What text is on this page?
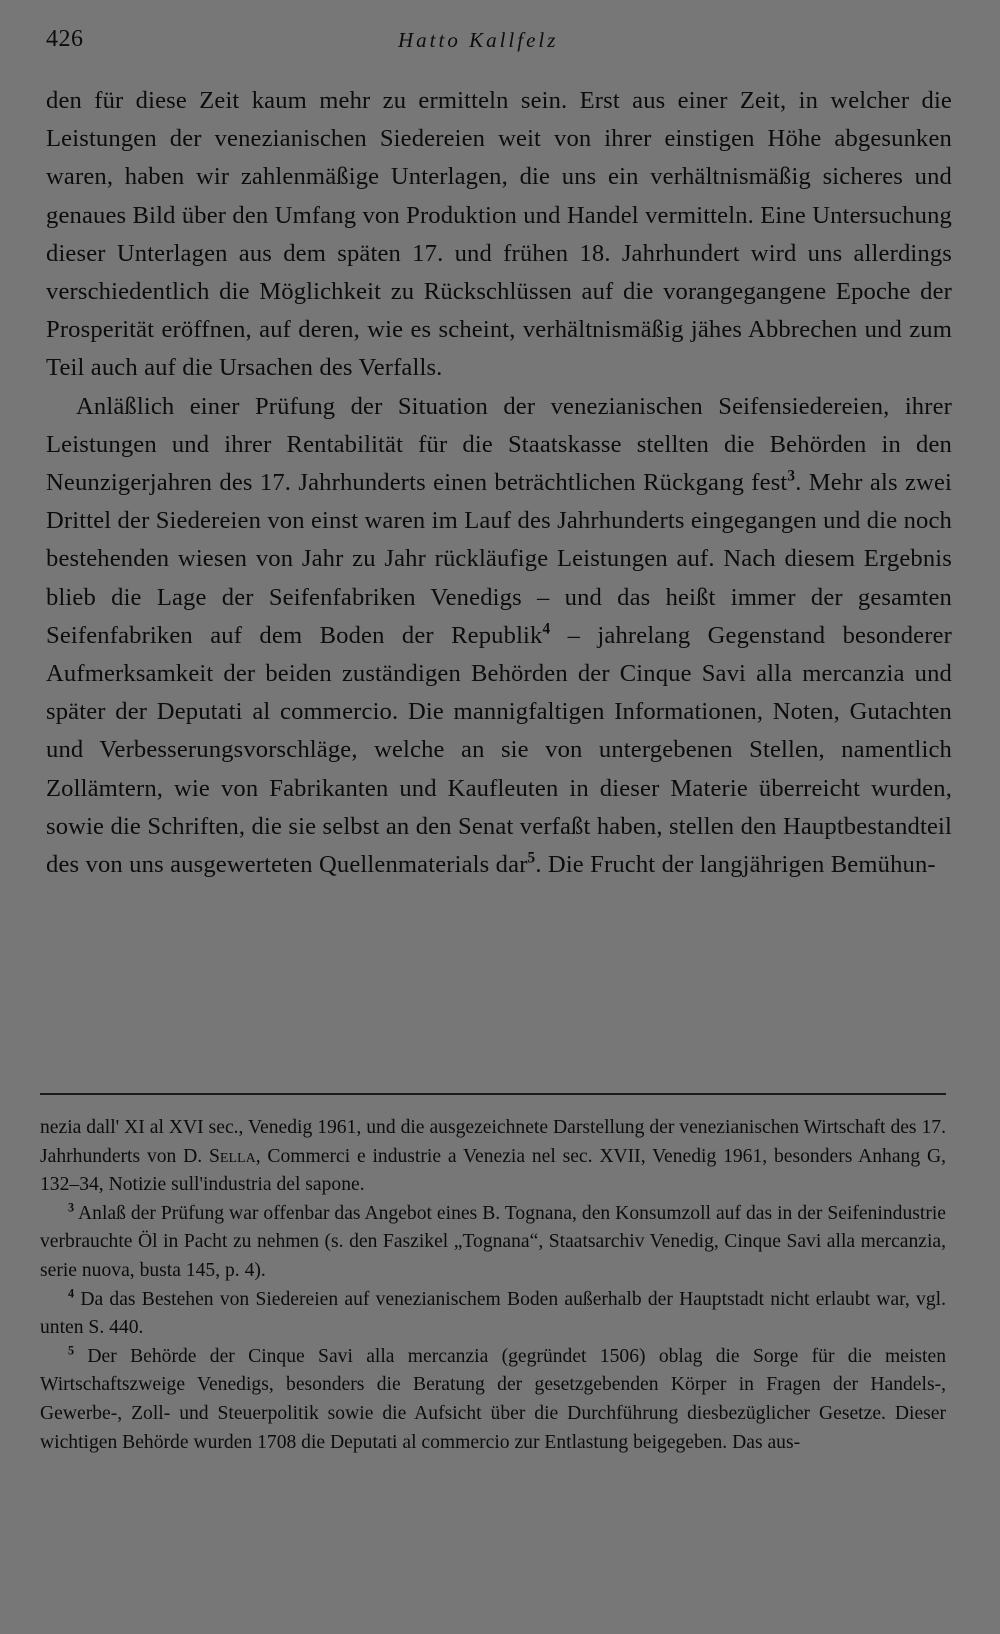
426	Hatto Kallfelz

den für diese Zeit kaum mehr zu ermitteln sein. Erst aus einer Zeit, in welcher die Leistungen der venezianischen Siedereien weit von ihrer einstigen Höhe abgesunken waren, haben wir zahlenmäßige Unterlagen, die uns ein verhältnismäßig sicheres und genaues Bild über den Umfang von Produktion und Handel vermitteln. Eine Untersuchung dieser Unterlagen aus dem späten 17. und frühen 18. Jahrhundert wird uns allerdings verschiedentlich die Möglichkeit zu Rückschlüssen auf die vorangegangene Epoche der Prosperität eröffnen, auf deren, wie es scheint, verhältnismäßig jähes Abbrechen und zum Teil auch auf die Ursachen des Verfalls.

Anläßlich einer Prüfung der Situation der venezianischen Seifensiedereien, ihrer Leistungen und ihrer Rentabilität für die Staatskasse stellten die Behörden in den Neunzigerjahren des 17. Jahrhunderts einen beträchtlichen Rückgang fest$^3$. Mehr als zwei Drittel der Siedereien von einst waren im Lauf des Jahrhunderts eingegangen und die noch bestehenden wiesen von Jahr zu Jahr rückläufige Leistungen auf. Nach diesem Ergebnis blieb die Lage der Seifenfabriken Venedigs – und das heißt immer der gesamten Seifenfabriken auf dem Boden der Republik$^4$ – jahrelang Gegenstand besonderer Aufmerksamkeit der beiden zuständigen Behörden der Cinque Savi alla mercanzia und später der Deputati al commercio. Die mannigfaltigen Informationen, Noten, Gutachten und Verbesserungsvorschläge, welche an sie von untergebenen Stellen, namentlich Zollämtern, wie von Fabrikanten und Kaufleuten in dieser Materie überreicht wurden, sowie die Schriften, die sie selbst an den Senat verfaßt haben, stellen den Hauptbestandteil des von uns ausgewerteten Quellenmaterials dar$^5$. Die Frucht der langjährigen Bemühun-

nezia dall' XI al XVI sec., Venedig 1961, und die ausgezeichnete Darstellung der venezianischen Wirtschaft des 17. Jahrhunderts von D. Sella, Commerci e industrie a Venezia nel sec. XVII, Venedig 1961, besonders Anhang G, 132–34, Notizie sull'industria del sapone.

$^3$ Anlaß der Prüfung war offenbar das Angebot eines B. Tognana, den Konsumzoll auf das in der Seifenindustrie verbrauchte Öl in Pacht zu nehmen (s. den Faszikel „Tognana“, Staatsarchiv Venedig, Cinque Savi alla mercanzia, serie nuova, busta 145, p. 4).

$^4$ Da das Bestehen von Siedereien auf venezianischem Boden außerhalb der Hauptstadt nicht erlaubt war, vgl. unten S. 440.

$^5$ Der Behörde der Cinque Savi alla mercanzia (gegründet 1506) oblag die Sorge für die meisten Wirtschaftszweige Venedigs, besonders die Beratung der gesetzgebenden Körper in Fragen der Handels-, Gewerbe-, Zoll- und Steuerpolitik sowie die Aufsicht über die Durchführung diesbezüglicher Gesetze. Dieser wichtigen Behörde wurden 1708 die Deputati al commercio zur Entlastung beigegeben. Das aus-
